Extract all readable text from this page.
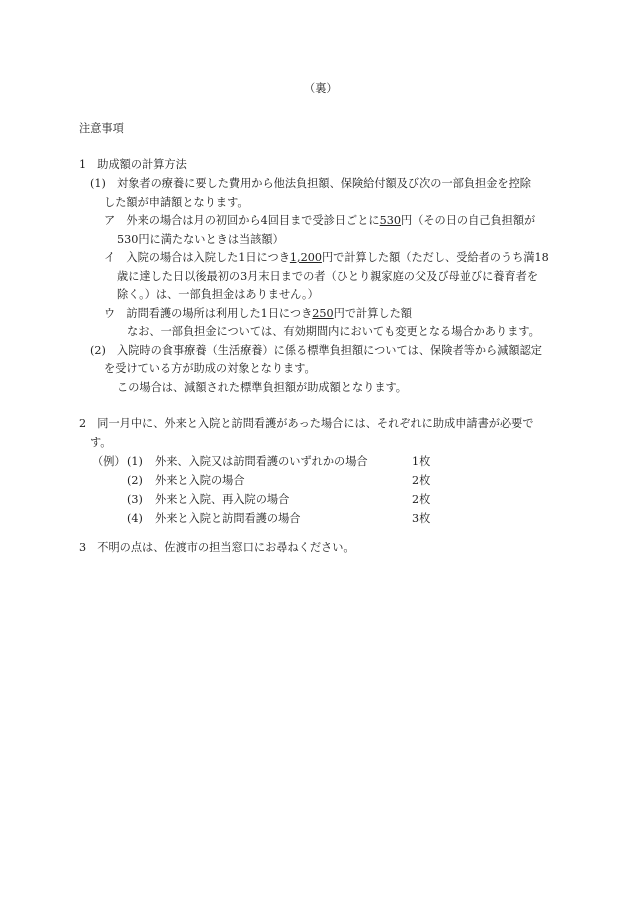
（裏）
注意事項
1　助成額の計算方法
(1)　対象者の療養に要した費用から他法負担額、保険給付額及び次の一部負担金を控除
した額が申請額となります。
ア　外来の場合は月の初回から4回目まで受診日ごとに530円（その日の自己負担額が
530円に満たないときは当該額）
イ　入院の場合は入院した1日につき1,200円で計算した額（ただし、受給者のうち満18
歳に達した日以後最初の3月末日までの者（ひとり親家庭の父及び母並びに養育者を
除く。）は、一部負担金はありません。）
ウ　訪問看護の場所は利用した1日につき250円で計算した額
なお、一部負担金については、有効期間内においても変更となる場合かあります。
(2)　入院時の食事療養（生活療養）に係る標準負担額については、保険者等から減額認定
を受けている方が助成の対象となります。
この場合は、減額された標準負担額が助成額となります。
2　同一月中に、外来と入院と訪問看護があった場合には、それぞれに助成申請書が必要で
す。
（例） (1) 外来、入院又は訪問看護のいずれかの場合	1枚
(2) 外来と入院の場合	2枚
(3) 外来と入院、再入院の場合	2枚
(4) 外来と入院と訪問看護の場合	3枚
3　不明の点は、佐渡市の担当窓口にお尋ねください。
